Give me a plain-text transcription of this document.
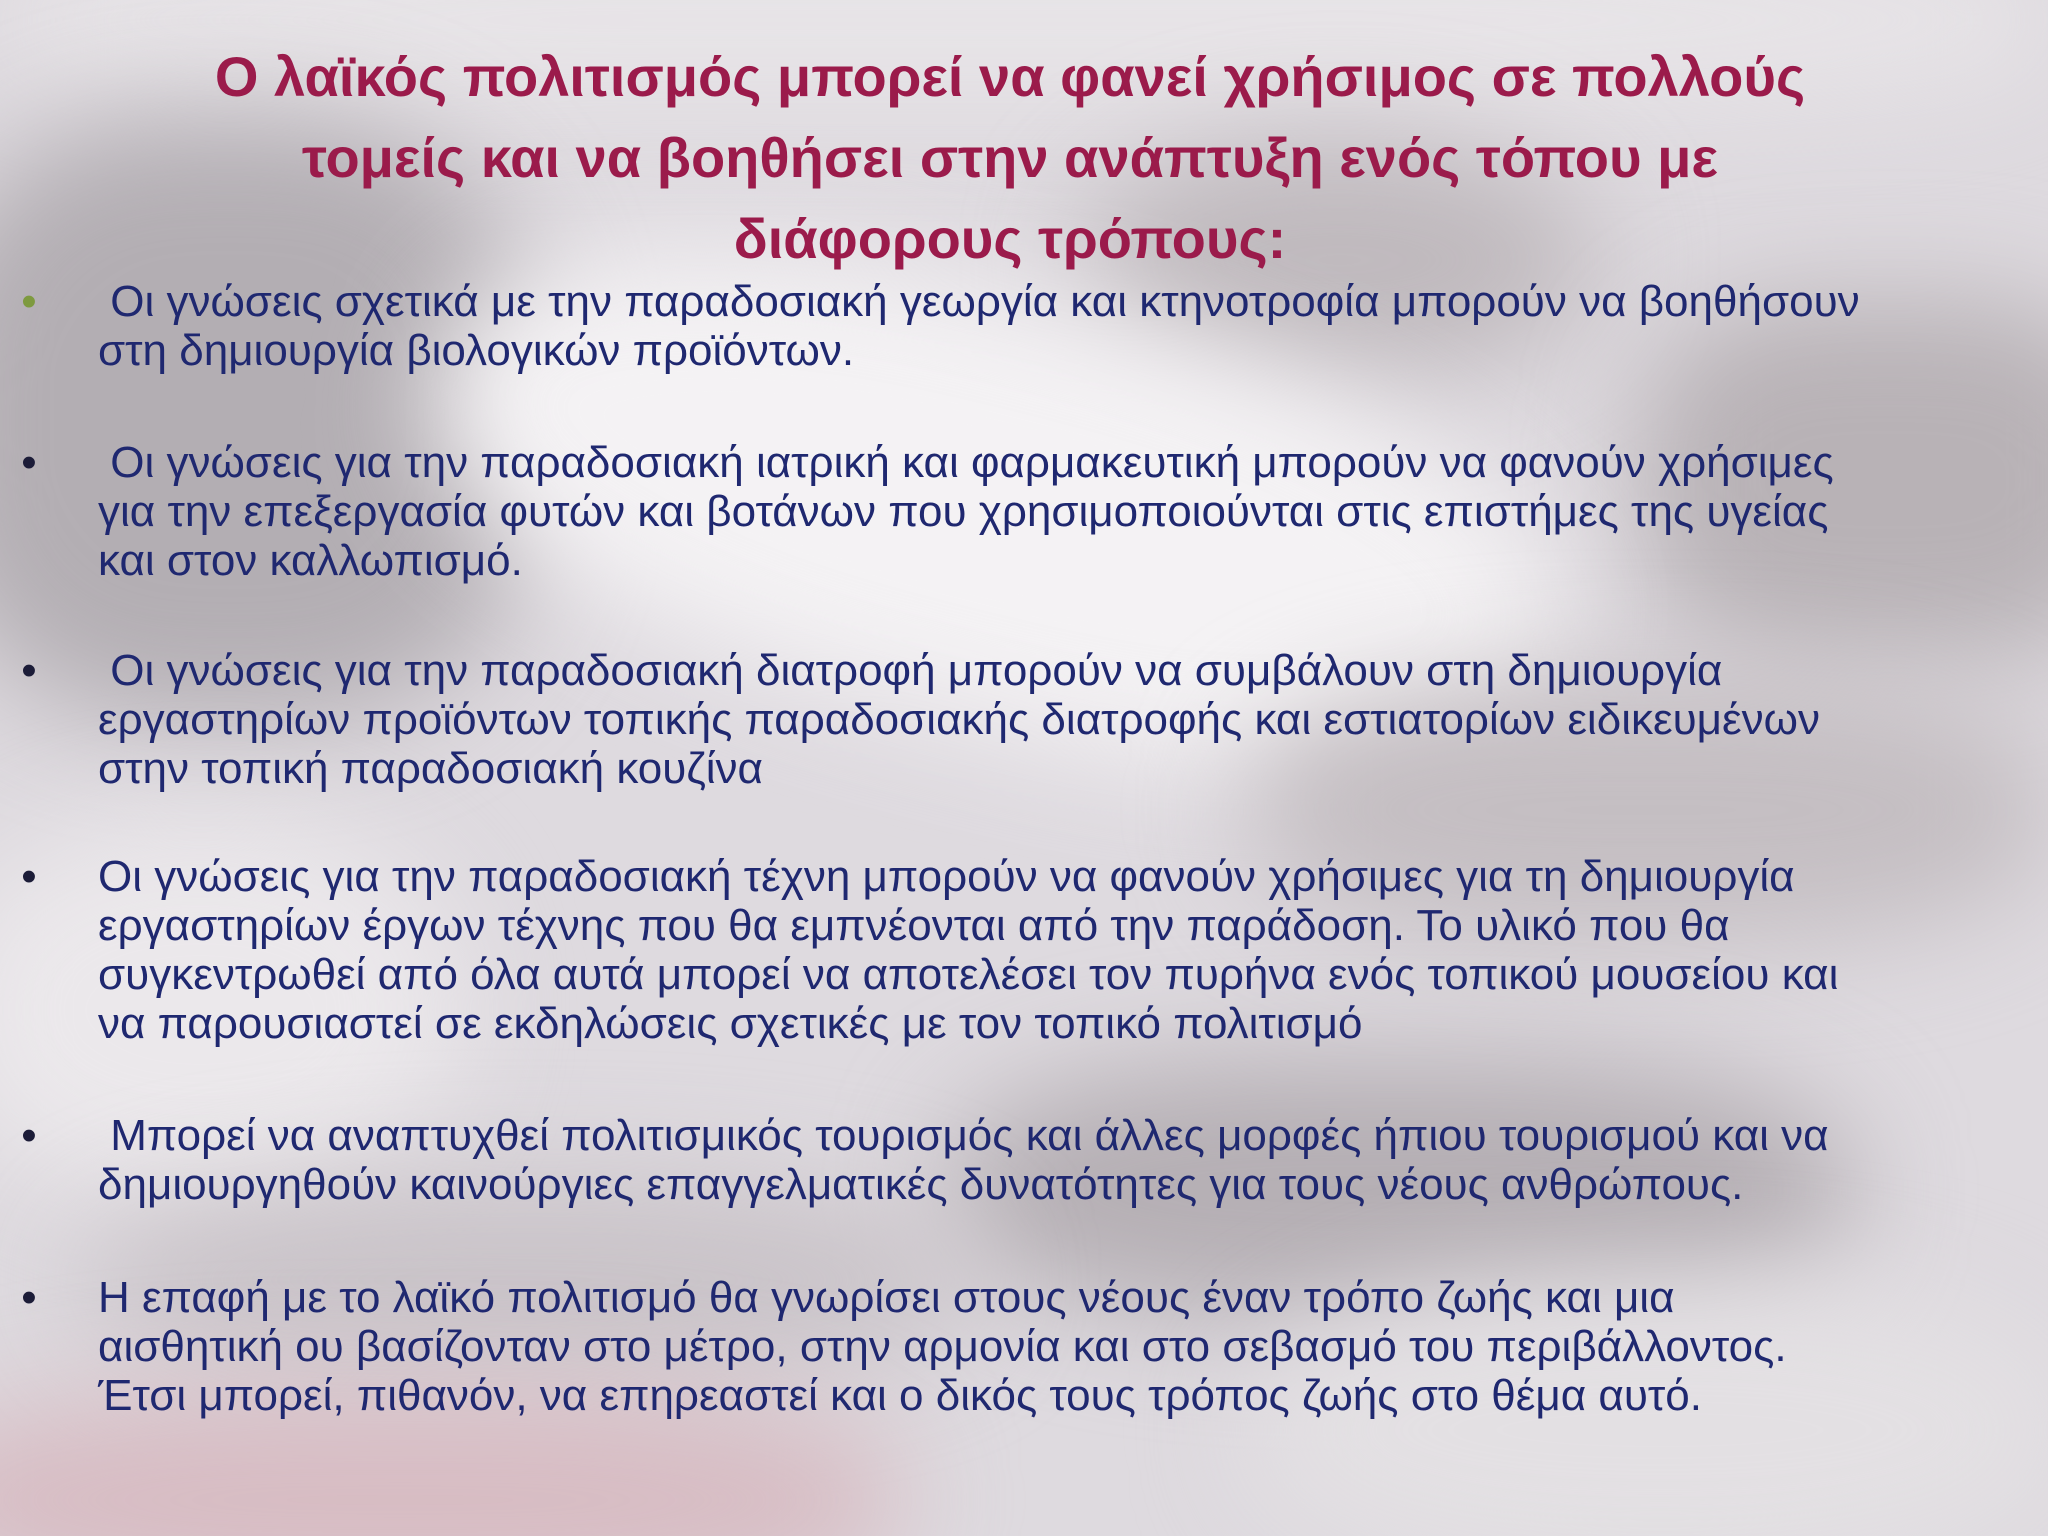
Ο λαϊκός πολιτισμός μπορεί να φανεί χρήσιμος σε πολλούς
τομείς και να βοηθήσει στην ανάπτυξη ενός τόπου με
διάφορους τρόπους:
• Οι γνώσεις σχετικά με την παραδοσιακή γεωργία και κτηνοτροφία μπορούν να βοηθήσουν
στη δημιουργία βιολογικών προϊόντων.
• Οι γνώσεις για την παραδοσιακή ιατρική και φαρμακευτική μπορούν να φανούν χρήσιμες
για την επεξεργασία φυτών και βοτάνων που χρησιμοποιούνται στις επιστήμες της υγείας
και στον καλλωπισμό.
• Οι γνώσεις για την παραδοσιακή διατροφή μπορούν να συμβάλουν στη δημιουργία
εργαστηρίων προϊόντων τοπικής παραδοσιακής διατροφής και εστιατορίων ειδικευμένων
στην τοπική παραδοσιακή κουζίνα
• Οι γνώσεις για την παραδοσιακή τέχνη μπορούν να φανούν χρήσιμες για τη δημιουργία
εργαστηρίων έργων τέχνης που θα εμπνέονται από την παράδοση. Το υλικό που θα
συγκεντρωθεί από όλα αυτά μπορεί να αποτελέσει τον πυρήνα ενός τοπικού μουσείου και
να παρουσιαστεί σε εκδηλώσεις σχετικές με τον τοπικό πολιτισμό
• Μπορεί να αναπτυχθεί πολιτισμικός τουρισμός και άλλες μορφές ήπιου τουρισμού και να
δημιουργηθούν καινούργιες επαγγελματικές δυνατότητες για τους νέους ανθρώπους.
• Η επαφή με το λαϊκό πολιτισμό θα γνωρίσει στους νέους έναν τρόπο ζωής και μια
αισθητική ου βασίζονταν στο μέτρο, στην αρμονία και στο σεβασμό του περιβάλλοντος.
Έτσι μπορεί, πιθανόν, να επηρεαστεί και ο δικός τους τρόπος ζωής στο θέμα αυτό.
